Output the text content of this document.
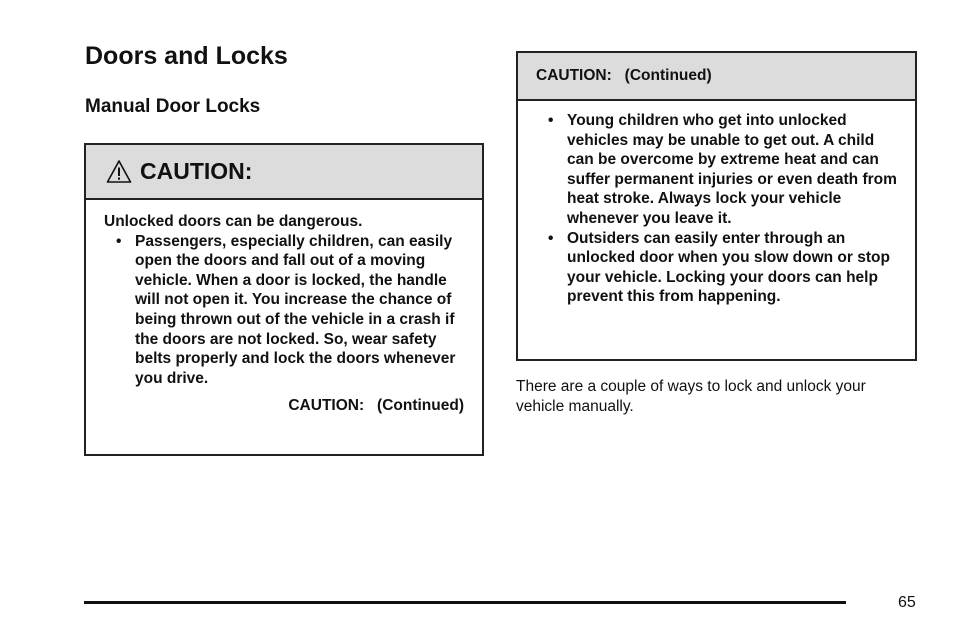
Doors and Locks
Manual Door Locks
CAUTION:
Unlocked doors can be dangerous.
• Passengers, especially children, can easily open the doors and fall out of a moving vehicle. When a door is locked, the handle will not open it. You increase the chance of being thrown out of the vehicle in a crash if the doors are not locked. So, wear safety belts properly and lock the doors whenever you drive.
CAUTION:   (Continued)
CAUTION:   (Continued)
• Young children who get into unlocked vehicles may be unable to get out. A child can be overcome by extreme heat and can suffer permanent injuries or even death from heat stroke. Always lock your vehicle whenever you leave it.
• Outsiders can easily enter through an unlocked door when you slow down or stop your vehicle. Locking your doors can help prevent this from happening.
There are a couple of ways to lock and unlock your vehicle manually.
65
